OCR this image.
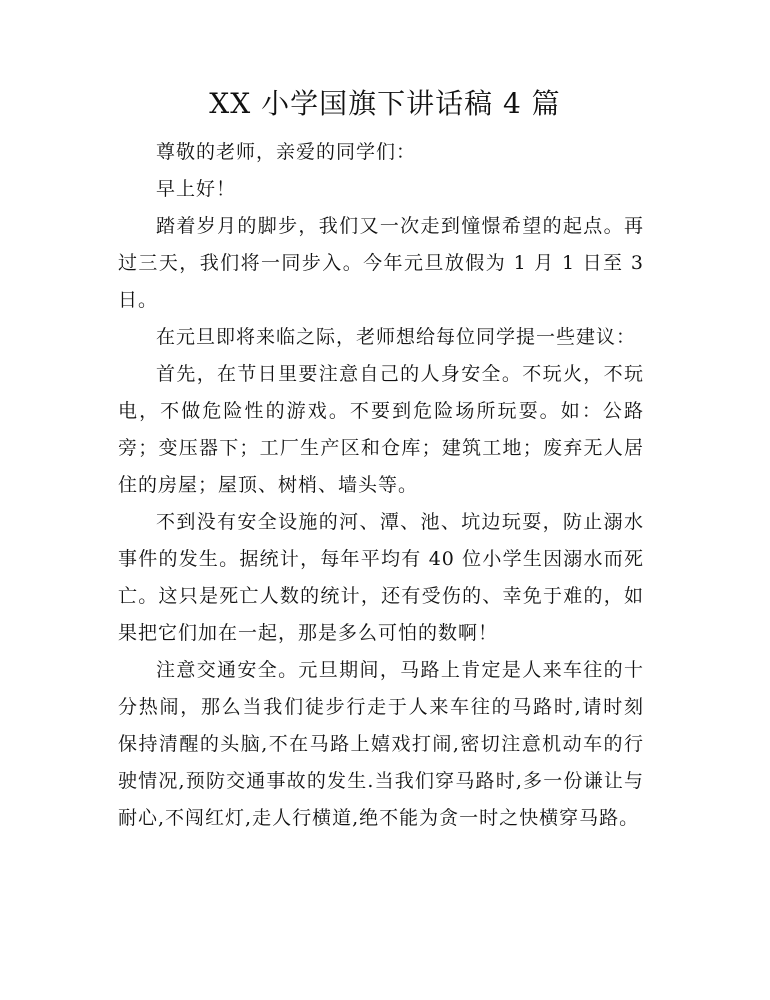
XX 小学国旗下讲话稿 4 篇

尊敬的老师，亲爱的同学们：

早上好！

踏着岁月的脚步，我们又一次走到憧憬希望的起点。再过三天，我们将一同步入。今年元旦放假为 1 月 1 日至 3 日。

在元旦即将来临之际，老师想给每位同学提一些建议：

首先，在节日里要注意自己的人身安全。不玩火，不玩电，不做危险性的游戏。不要到危险场所玩耍。如：公路旁；变压器下；工厂生产区和仓库；建筑工地；废弃无人居住的房屋；屋顶、树梢、墙头等。

不到没有安全设施的河、潭、池、坑边玩耍，防止溺水事件的发生。据统计，每年平均有 40 位小学生因溺水而死亡。这只是死亡人数的统计，还有受伤的、幸免于难的，如果把它们加在一起，那是多么可怕的数啊！

注意交通安全。元旦期间，马路上肯定是人来车往的十分热闹，那么当我们徒步行走于人来车往的马路时,请时刻保持清醒的头脑,不在马路上嬉戏打闹,密切注意机动车的行驶情况,预防交通事故的发生.当我们穿马路时,多一份谦让与耐心,不闯红灯,走人行横道,绝不能为贪一时之快横穿马路。
